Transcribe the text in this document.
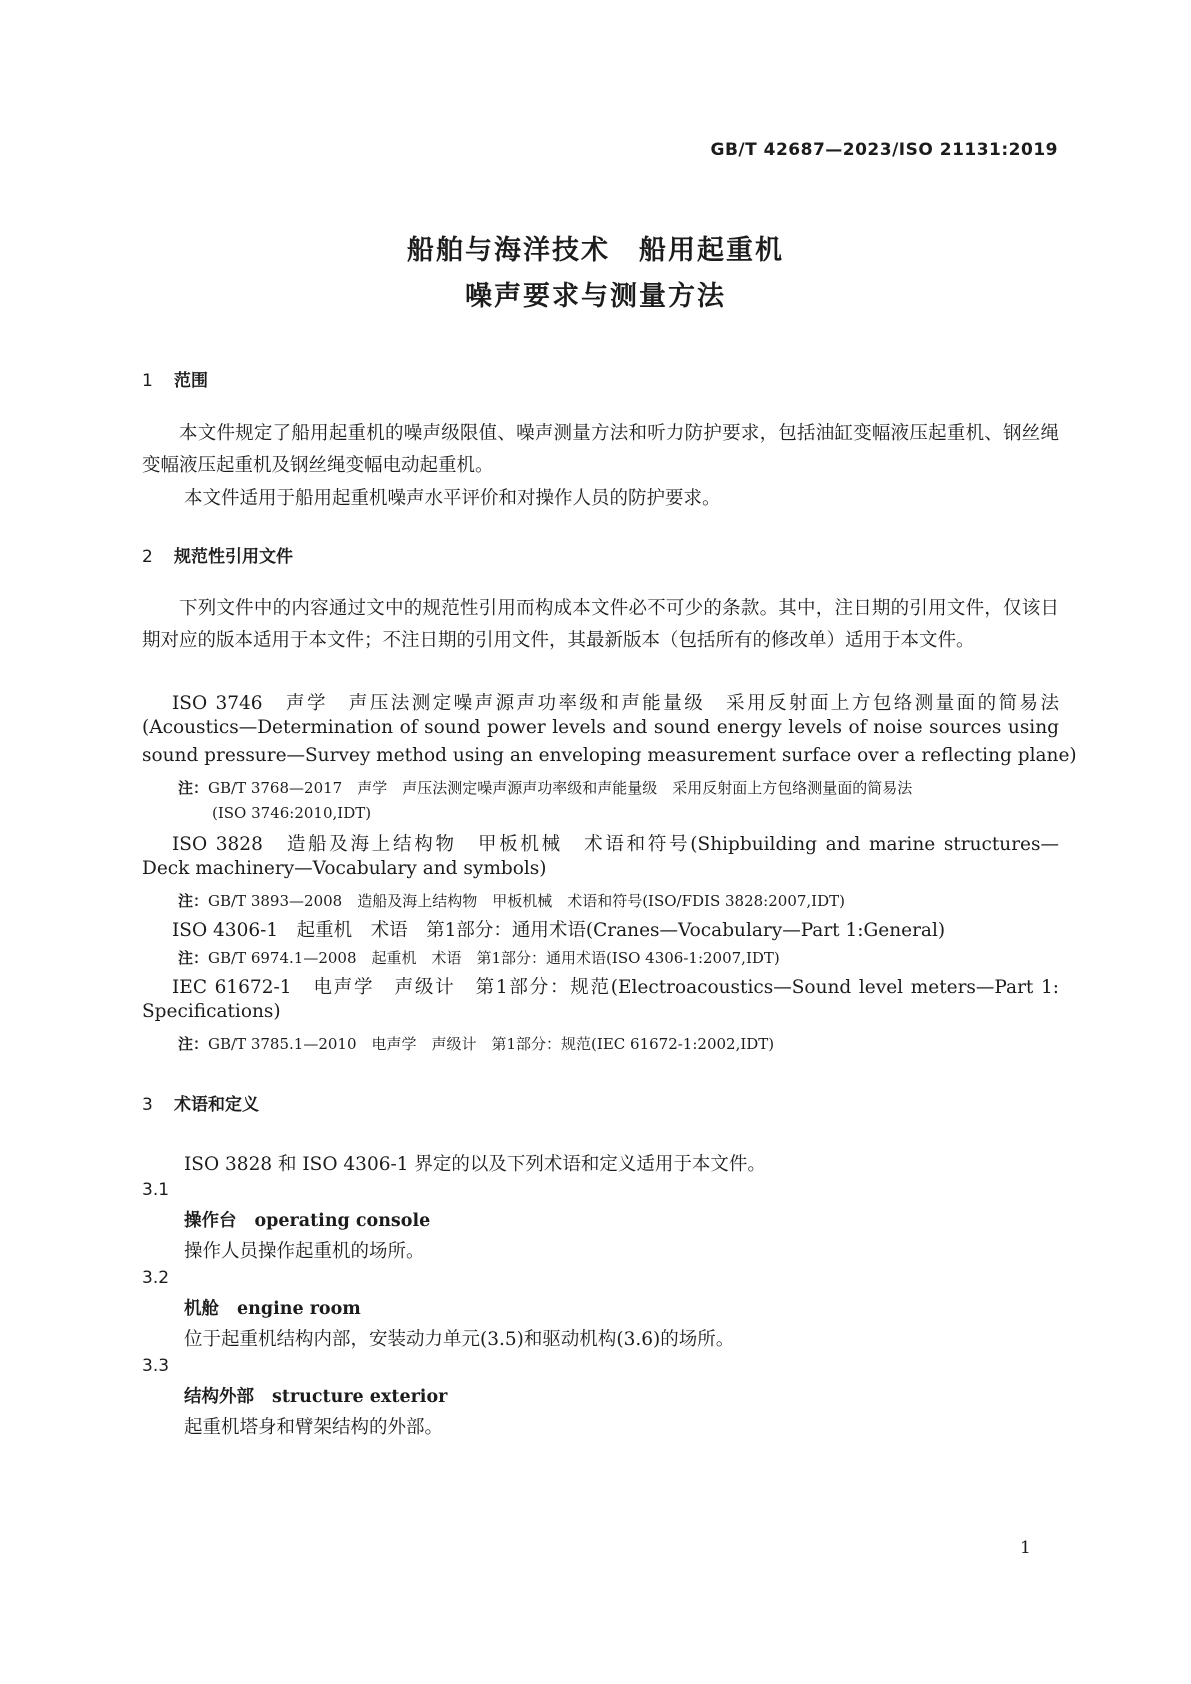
GB/T 42687—2023/ISO 21131:2019
船舶与海洋技术　船用起重机
噪声要求与测量方法
1 范围
本文件规定了船用起重机的噪声级限值、噪声测量方法和听力防护要求，包括油缸变幅液压起重机、钢丝绳变幅液压起重机及钢丝绳变幅电动起重机。
本文件适用于船用起重机噪声水平评价和对操作人员的防护要求。
2 规范性引用文件
下列文件中的内容通过文中的规范性引用而构成本文件必不可少的条款。其中，注日期的引用文件，仅该日期对应的版本适用于本文件；不注日期的引用文件，其最新版本（包括所有的修改单）适用于本文件。
ISO 3746　声学　声压法测定噪声源声功率级和声能量级　采用反射面上方包络测量面的简易法
(Acoustics—Determination of sound power levels and sound energy levels of noise sources using
sound pressure—Survey method using an enveloping measurement surface over a reflecting plane)
注：GB/T 3768—2017　声学　声压法测定噪声源声功率级和声能量级　采用反射面上方包络测量面的简易法
(ISO 3746:2010,IDT)
ISO 3828　造船及海上结构物　甲板机械　术语和符号(Shipbuilding and marine structures—
Deck machinery—Vocabulary and symbols)
注：GB/T 3893—2008　造船及海上结构物　甲板机械　术语和符号(ISO/FDIS 3828:2007,IDT)
ISO 4306-1　起重机　术语　第1部分：通用术语(Cranes—Vocabulary—Part 1:General)
注：GB/T 6974.1—2008　起重机　术语　第1部分：通用术语(ISO 4306-1:2007,IDT)
IEC 61672-1　电声学　声级计　第1部分：规范(Electroacoustics—Sound level meters—Part 1:
Specifications)
注：GB/T 3785.1—2010　电声学　声级计　第1部分：规范(IEC 61672-1:2002,IDT)
3 术语和定义
ISO 3828 和 ISO 4306-1 界定的以及下列术语和定义适用于本文件。
3.1
操作台 operating console
操作人员操作起重机的场所。
3.2
机舱 engine room
位于起重机结构内部，安装动力单元(3.5)和驱动机构(3.6)的场所。
3.3
结构外部 structure exterior
起重机塔身和臂架结构的外部。
1
